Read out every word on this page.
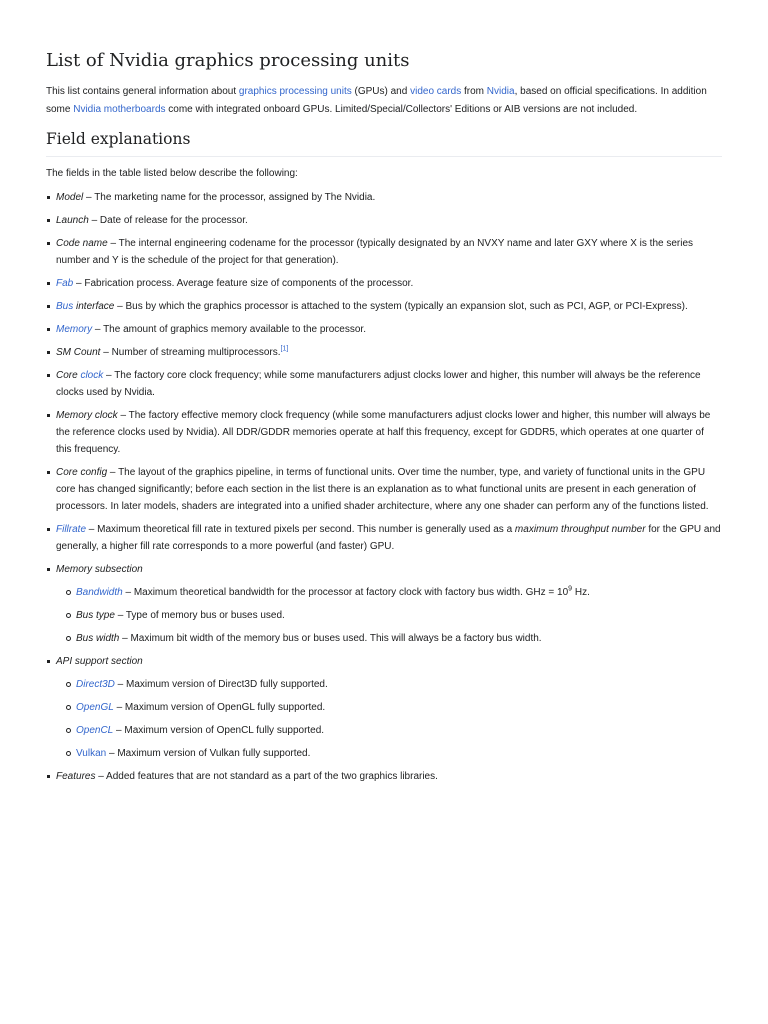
List of Nvidia graphics processing units

This list contains general information about graphics processing units (GPUs) and video cards from Nvidia, based on official specifications. In addition some Nvidia motherboards come with integrated onboard GPUs. Limited/Special/Collectors' Editions or AIB versions are not included.

Field explanations

The fields in the table listed below describe the following:

Model – The marketing name for the processor, assigned by The Nvidia.
Launch – Date of release for the processor.
Code name – The internal engineering codename for the processor (typically designated by an NVXY name and later GXY where X is the series number and Y is the schedule of the project for that generation).
Fab – Fabrication process. Average feature size of components of the processor.
Bus interface – Bus by which the graphics processor is attached to the system (typically an expansion slot, such as PCI, AGP, or PCI-Express).
Memory – The amount of graphics memory available to the processor.
SM Count – Number of streaming multiprocessors.[1]
Core clock – The factory core clock frequency; while some manufacturers adjust clocks lower and higher, this number will always be the reference clocks used by Nvidia.
Memory clock – The factory effective memory clock frequency (while some manufacturers adjust clocks lower and higher, this number will always be the reference clocks used by Nvidia). All DDR/GDDR memories operate at half this frequency, except for GDDR5, which operates at one quarter of this frequency.
Core config – The layout of the graphics pipeline, in terms of functional units. Over time the number, type, and variety of functional units in the GPU core has changed significantly; before each section in the list there is an explanation as to what functional units are present in each generation of processors. In later models, shaders are integrated into a unified shader architecture, where any one shader can perform any of the functions listed.
Fillrate – Maximum theoretical fill rate in textured pixels per second. This number is generally used as a maximum throughput number for the GPU and generally, a higher fill rate corresponds to a more powerful (and faster) GPU.
Memory subsection
Bandwidth – Maximum theoretical bandwidth for the processor at factory clock with factory bus width. GHz = $10^9$ Hz.
Bus type – Type of memory bus or buses used.
Bus width – Maximum bit width of the memory bus or buses used. This will always be a factory bus width.
API support section
Direct3D – Maximum version of Direct3D fully supported.
OpenGL – Maximum version of OpenGL fully supported.
OpenCL – Maximum version of OpenCL fully supported.
Vulkan – Maximum version of Vulkan fully supported.
Features – Added features that are not standard as a part of the two graphics libraries.
